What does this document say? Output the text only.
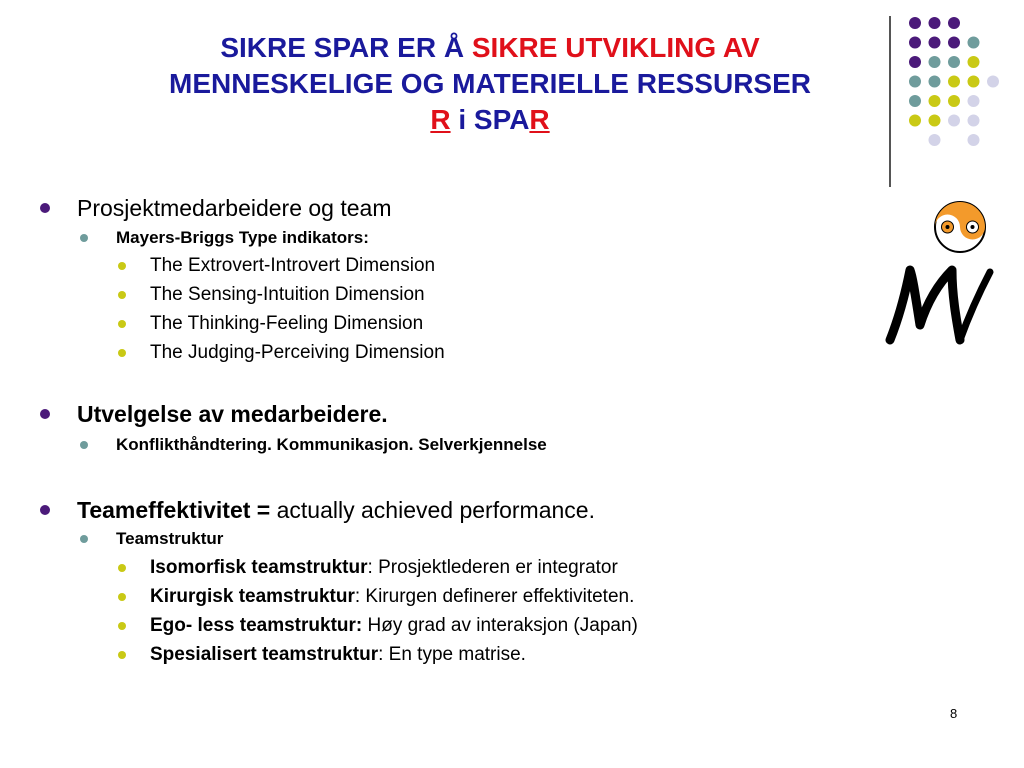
SIKRE SPAR ER Å SIKRE UTVIKLING AV
MENNESKELIGE OG MATERIELLE RESSURSER
R i SPAR
Prosjektmedarbeidere og team
Mayers-Briggs Type indikators:
The Extrovert-Introvert Dimension
The Sensing-Intuition Dimension
The Thinking-Feeling Dimension
The Judging-Perceiving Dimension
Utvelgelse av medarbeidere.
Konflikthåndtering. Kommunikasjon. Selverkjennelse
Teameffektivitet = actually achieved performance.
Teamstruktur
Isomorfisk teamstruktur: Prosjektlederen er integrator
Kirurgisk teamstruktur: Kirurgen definerer effektiviteten.
Ego- less teamstruktur: Høy grad av interaksjon (Japan)
Spesialisert teamstruktur: En type matrise.
8
